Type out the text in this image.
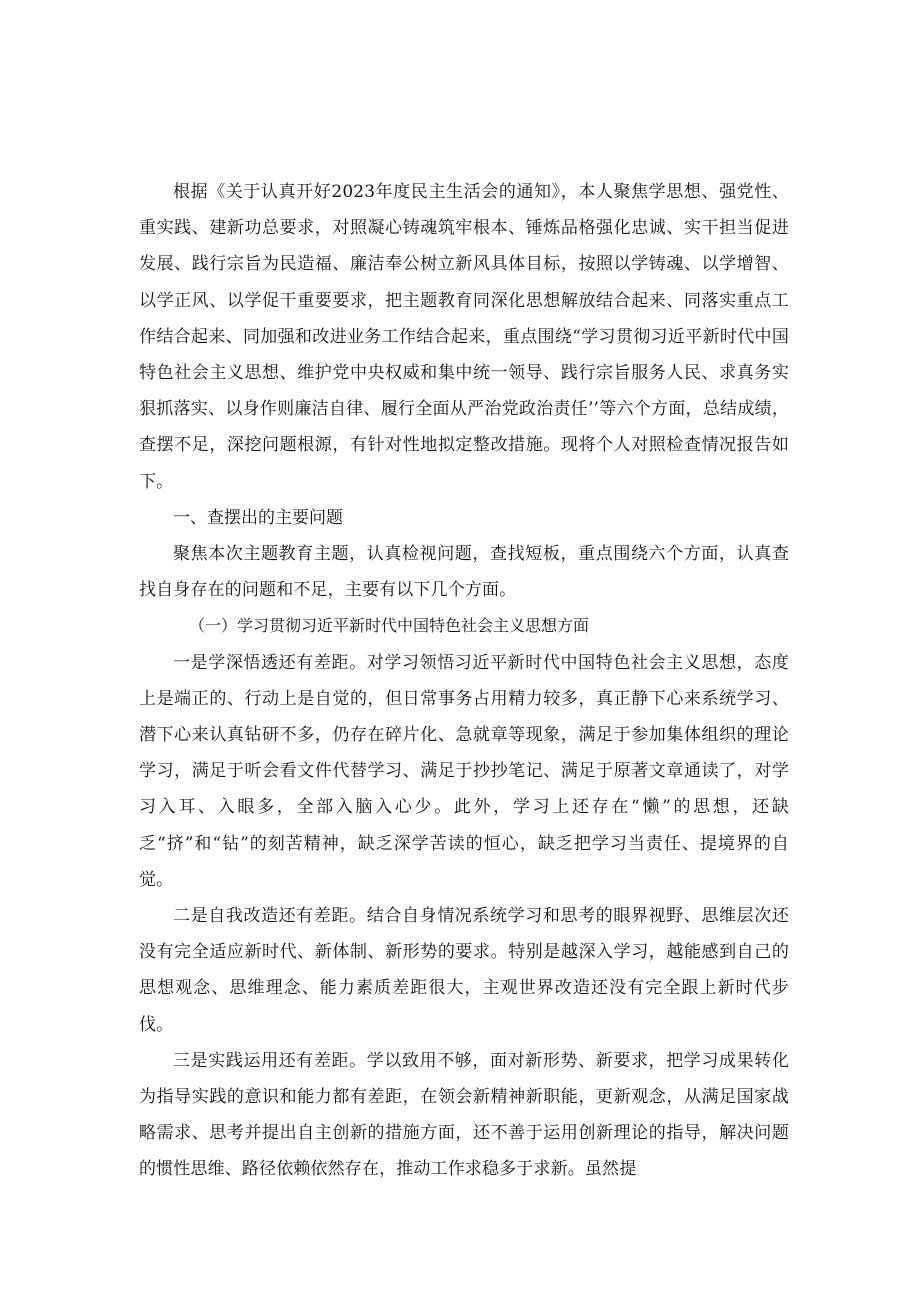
根据《关于认真开好2023年度民主生活会的通知》，本人聚焦学思想、强党性、重实践、建新功总要求，对照凝心铸魂筑牢根本、锤炼品格强化忠诚、实干担当促进发展、践行宗旨为民造福、廉洁奉公树立新风具体目标，按照以学铸魂、以学增智、以学正风、以学促干重要要求，把主题教育同深化思想解放结合起来、同落实重点工作结合起来、同加强和改进业务工作结合起来，重点围绕“学习贯彻习近平新时代中国特色社会主义思想、维护党中央权威和集中统一领导、践行宗旨服务人民、求真务实狠抓落实、以身作则廉洁自律、履行全面从严治党政治责任’’等六个方面，总结成绩，查摆不足，深挖问题根源，有针对性地拟定整改措施。现将个人对照检查情况报告如下。

一、查摆出的主要问题

聚焦本次主题教育主题，认真检视问题，查找短板，重点围绕六个方面，认真查找自身存在的问题和不足，主要有以下几个方面。

（一）学习贯彻习近平新时代中国特色社会主义思想方面

一是学深悟透还有差距。对学习领悟习近平新时代中国特色社会主义思想，态度上是端正的、行动上是自觉的，但日常事务占用精力较多，真正静下心来系统学习、潜下心来认真钻研不多，仍存在碎片化、急就章等现象，满足于参加集体组织的理论学习，满足于听会看文件代替学习、满足于抄抄笔记、满足于原著文章通读了，对学习入耳、入眼多，全部入脑入心少。此外，学习上还存在“懒”的思想，还缺乏“挤”和“钻”的刻苦精神，缺乏深学苦读的恒心，缺乏把学习当责任、提境界的自觉。

二是自我改造还有差距。结合自身情况系统学习和思考的眼界视野、思维层次还没有完全适应新时代、新体制、新形势的要求。特别是越深入学习，越能感到自己的思想观念、思维理念、能力素质差距很大，主观世界改造还没有完全跟上新时代步伐。

三是实践运用还有差距。学以致用不够，面对新形势、新要求，把学习成果转化为指导实践的意识和能力都有差距，在领会新精神新职能，更新观念，从满足国家战略需求、思考并提出自主创新的措施方面，还不善于运用创新理论的指导，解决问题的惯性思维、路径依赖依然存在，推动工作求稳多于求新。虽然提
